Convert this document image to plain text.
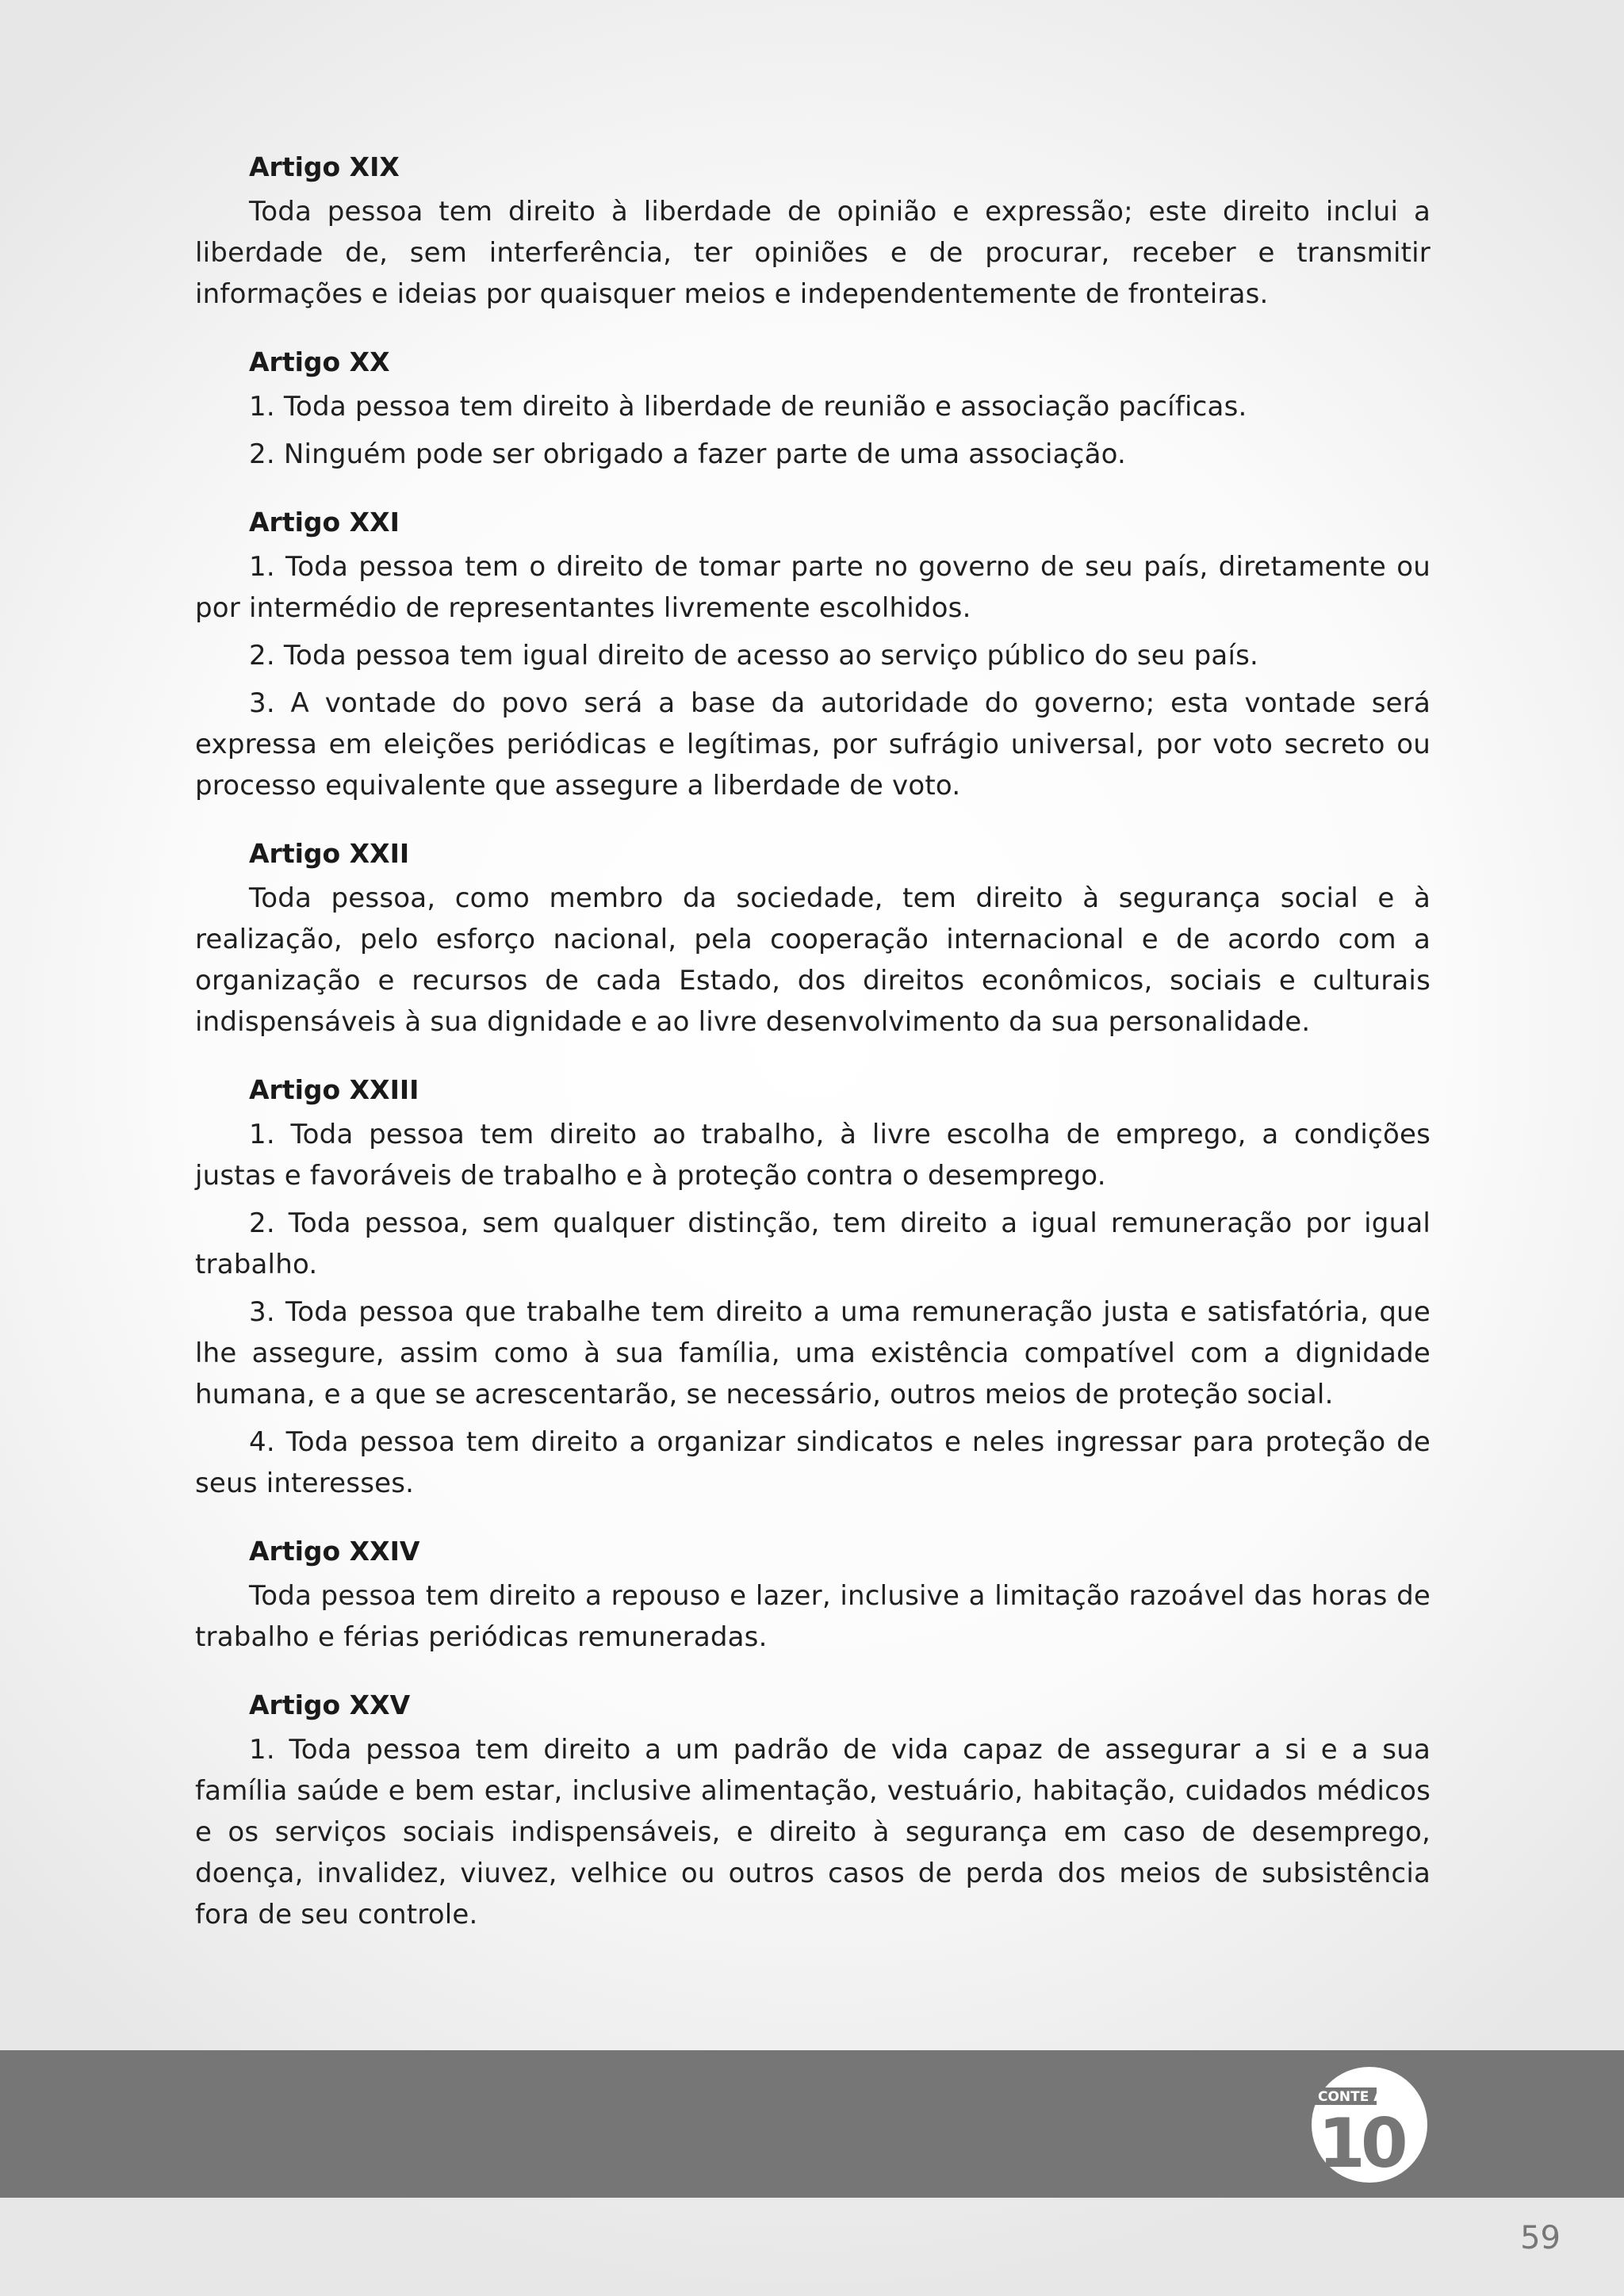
Artigo XIX

Toda pessoa tem direito à liberdade de opinião e expressão; este direito inclui a liberdade de, sem interferência, ter opiniões e de procurar, receber e transmitir informações e ideias por quaisquer meios e independentemente de fronteiras.

Artigo XX

1. Toda pessoa tem direito à liberdade de reunião e associação pacíficas.

2. Ninguém pode ser obrigado a fazer parte de uma associação.

Artigo XXI

1. Toda pessoa tem o direito de tomar parte no governo de seu país, diretamente ou por intermédio de representantes livremente escolhidos.

2. Toda pessoa tem igual direito de acesso ao serviço público do seu país.

3. A vontade do povo será a base da autoridade do governo; esta vontade será expressa em eleições periódicas e legítimas, por sufrágio universal, por voto secreto ou processo equivalente que assegure a liberdade de voto.

Artigo XXII

Toda pessoa, como membro da sociedade, tem direito à segurança social e à realização, pelo esforço nacional, pela cooperação internacional e de acordo com a organização e recursos de cada Estado, dos direitos econômicos, sociais e culturais indispensáveis à sua dignidade e ao livre desenvolvimento da sua personalidade.

Artigo XXIII

1. Toda pessoa tem direito ao trabalho, à livre escolha de emprego, a condições justas e favoráveis de trabalho e à proteção contra o desemprego.

2. Toda pessoa, sem qualquer distinção, tem direito a igual remuneração por igual trabalho.

3. Toda pessoa que trabalhe tem direito a uma remuneração justa e satisfatória, que lhe assegure, assim como à sua família, uma existência compatível com a dignidade humana, e a que se acrescentarão, se necessário, outros meios de proteção social.

4. Toda pessoa tem direito a organizar sindicatos e neles ingressar para proteção de seus interesses.

Artigo XXIV

Toda pessoa tem direito a repouso e lazer, inclusive a limitação razoável das horas de trabalho e férias periódicas remuneradas.

Artigo XXV

1. Toda pessoa tem direito a um padrão de vida capaz de assegurar a si e a sua família saúde e bem estar, inclusive alimentação, vestuário, habitação, cuidados médicos e os serviços sociais indispensáveis, e direito à segurança em caso de desemprego, doença, invalidez, viuvez, velhice ou outros casos de perda dos meios de subsistência fora de seu controle.

CONTE ATÉ
10
59
